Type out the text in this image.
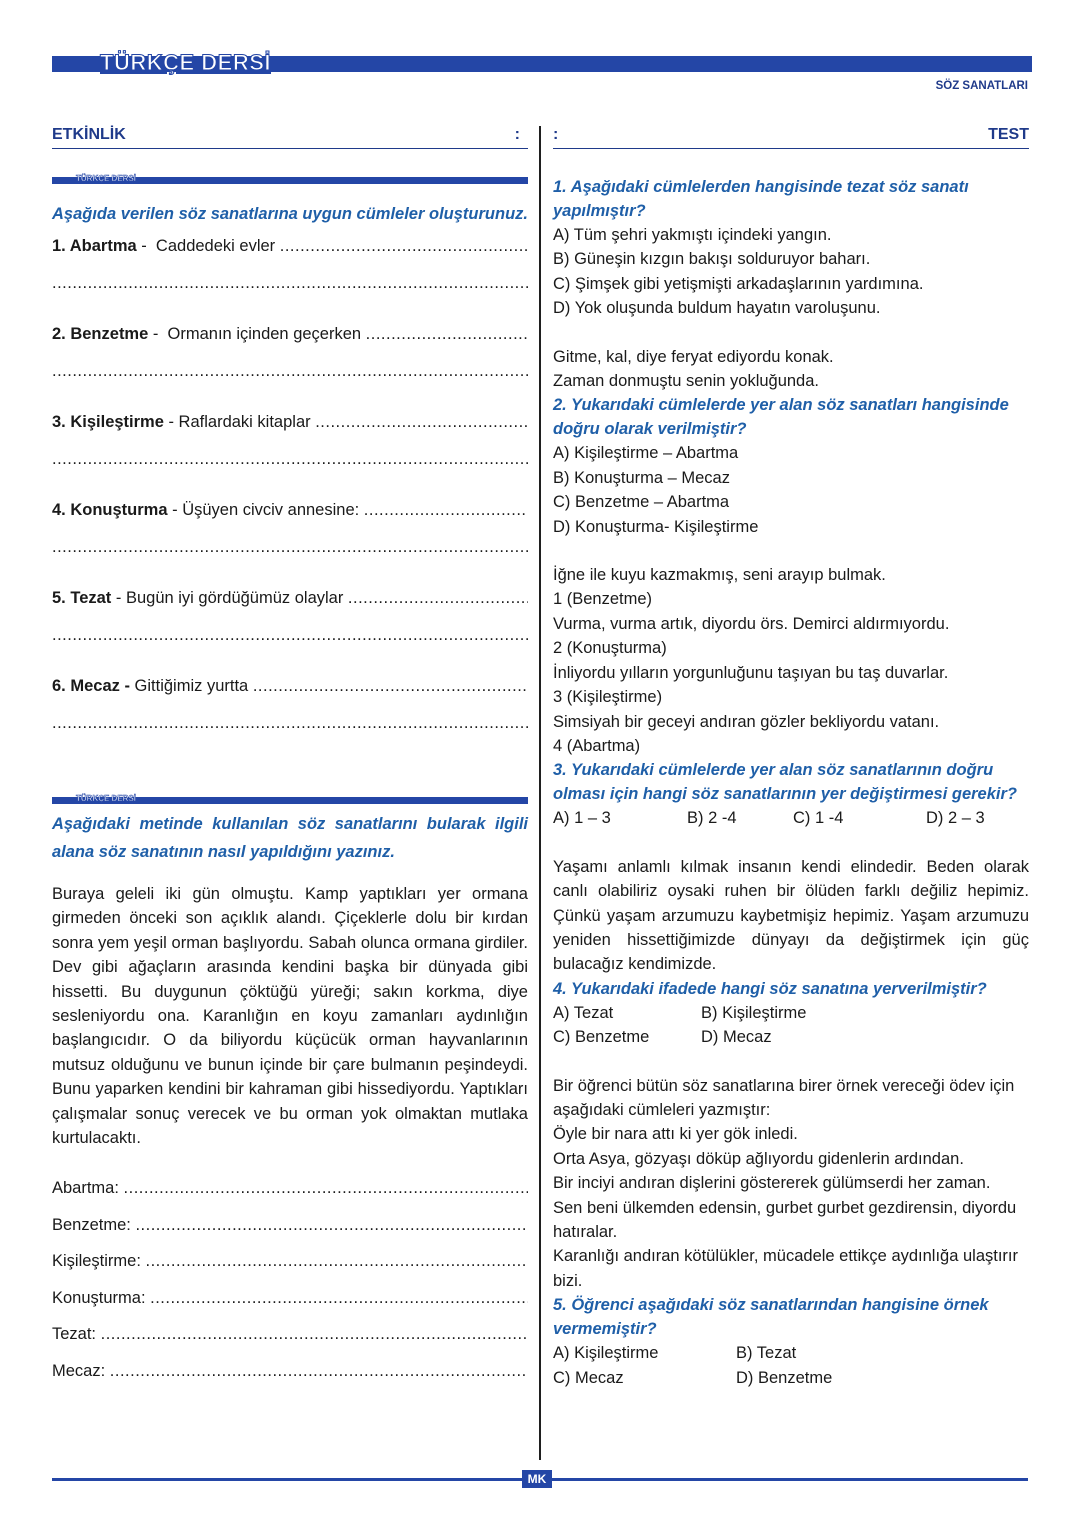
TÜRKÇE DERSİ
SÖZ SANATLARI
ETKİNLİK	:
TÜRKÇE DERSİ
Aşağıda verilen söz sanatlarına uygun cümleler oluşturunuz.
1. Abartma -  Caddedeki evler
.....
.....
2. Benzetme -  Ormanın içinden geçerken
.....
.....
3. Kişileştirme - Raflardaki kitaplar
.....
.....
4. Konuşturma - Üşüyen civciv annesine:
.....
.....
5. Tezat - Bugün iyi gördüğümüz olaylar
.....
.....
6. Mecaz - Gittiğimiz yurtta
.....
.....
TÜRKÇE DERSİ
Aşağıdaki metinde kullanılan söz sanatlarını bularak ilgili alana söz sanatının nasıl yapıldığını yazınız.
Buraya geleli iki gün olmuştu. Kamp yaptıkları yer ormana girmeden önceki son açıklık alandı. Çiçeklerle dolu bir kırdan sonra yem yeşil orman başlıyordu. Sabah olunca ormana girdiler. Dev gibi ağaçların arasında kendini başka bir dünyada gibi hissetti. Bu duygunun çöktüğü yüreği; sakın korkma, diye sesleniyordu ona. Karanlığın en koyu zamanları aydınlığın başlangıcıdır. O da biliyordu küçücük orman hayvanlarının mutsuz olduğunu ve bunun içinde bir çare bulmanın peşindeydi. Bunu yaparken kendini bir kahraman gibi hissediyordu. Yaptıkları çalışmalar sonuç verecek ve bu orman yok olmaktan mutlaka kurtulacaktı.
Abartma:
.....
Benzetme:
.....
Kişileştirme:
.....
Konuşturma:
.....
Tezat:
.....
Mecaz:
.....
:	TEST
1. Aşağıdaki cümlelerden hangisinde tezat söz sanatı yapılmıştır?
A) Tüm şehri yakmıştı içindeki yangın.
B) Güneşin kızgın bakışı solduruyor baharı.
C) Şimşek gibi yetişmişti arkadaşlarının yardımına.
D) Yok oluşunda buldum hayatın varoluşunu.
Gitme, kal, diye feryat ediyordu konak.
Zaman donmuştu senin yokluğunda.
2. Yukarıdaki cümlelerde yer alan söz sanatları hangisinde doğru olarak verilmiştir?
A) Kişileştirme – Abartma
B) Konuşturma – Mecaz
C) Benzetme – Abartma
D) Konuşturma- Kişileştirme
İğne ile kuyu kazmakmış, seni arayıp bulmak.
1 (Benzetme)
Vurma, vurma artık, diyordu örs. Demirci aldırmıyordu.
2 (Konuşturma)
İnliyordu yılların yorgunluğunu taşıyan bu taş duvarlar.
3 (Kişileştirme)
Simsiyah bir geceyi andıran gözler bekliyordu vatanı.
4 (Abartma)
3. Yukarıdaki cümlelerde yer alan söz sanatlarının doğru olması için hangi söz sanatlarının yer değiştirmesi gerekir?
A) 1 – 3	B) 2 -4	C) 1 -4	D) 2 – 3
Yaşamı anlamlı kılmak insanın kendi elindedir. Beden olarak canlı olabiliriz oysaki ruhen bir ölüden farklı değiliz hepimiz. Çünkü yaşam arzumuzu kaybetmişiz hepimiz. Yaşam arzumuzu yeniden hissettiğimizde dünyayı da değiştirmek için güç bulacağız kendimizde.
4. Yukarıdaki ifadede hangi söz sanatına yerverilmiştir?
A) Tezat	B) Kişileştirme
C) Benzetme	D) Mecaz
Bir öğrenci bütün söz sanatlarına birer örnek vereceği ödev için aşağıdaki cümleleri yazmıştır:
Öyle bir nara attı ki yer gök inledi.
Orta Asya, gözyaşı döküp ağlıyordu gidenlerin ardından.
Bir inciyi andıran dişlerini göstererek gülümserdi her zaman.
Sen beni ülkemden edensin, gurbet gurbet gezdirensin, diyordu hatıralar.
Karanlığı andıran kötülükler, mücadele ettikçe aydınlığa ulaştırır bizi.
5. Öğrenci aşağıdaki söz sanatlarından hangisine örnek vermemiştir?
A) Kişileştirme	B) Tezat
C) Mecaz	D) Benzetme
MK
